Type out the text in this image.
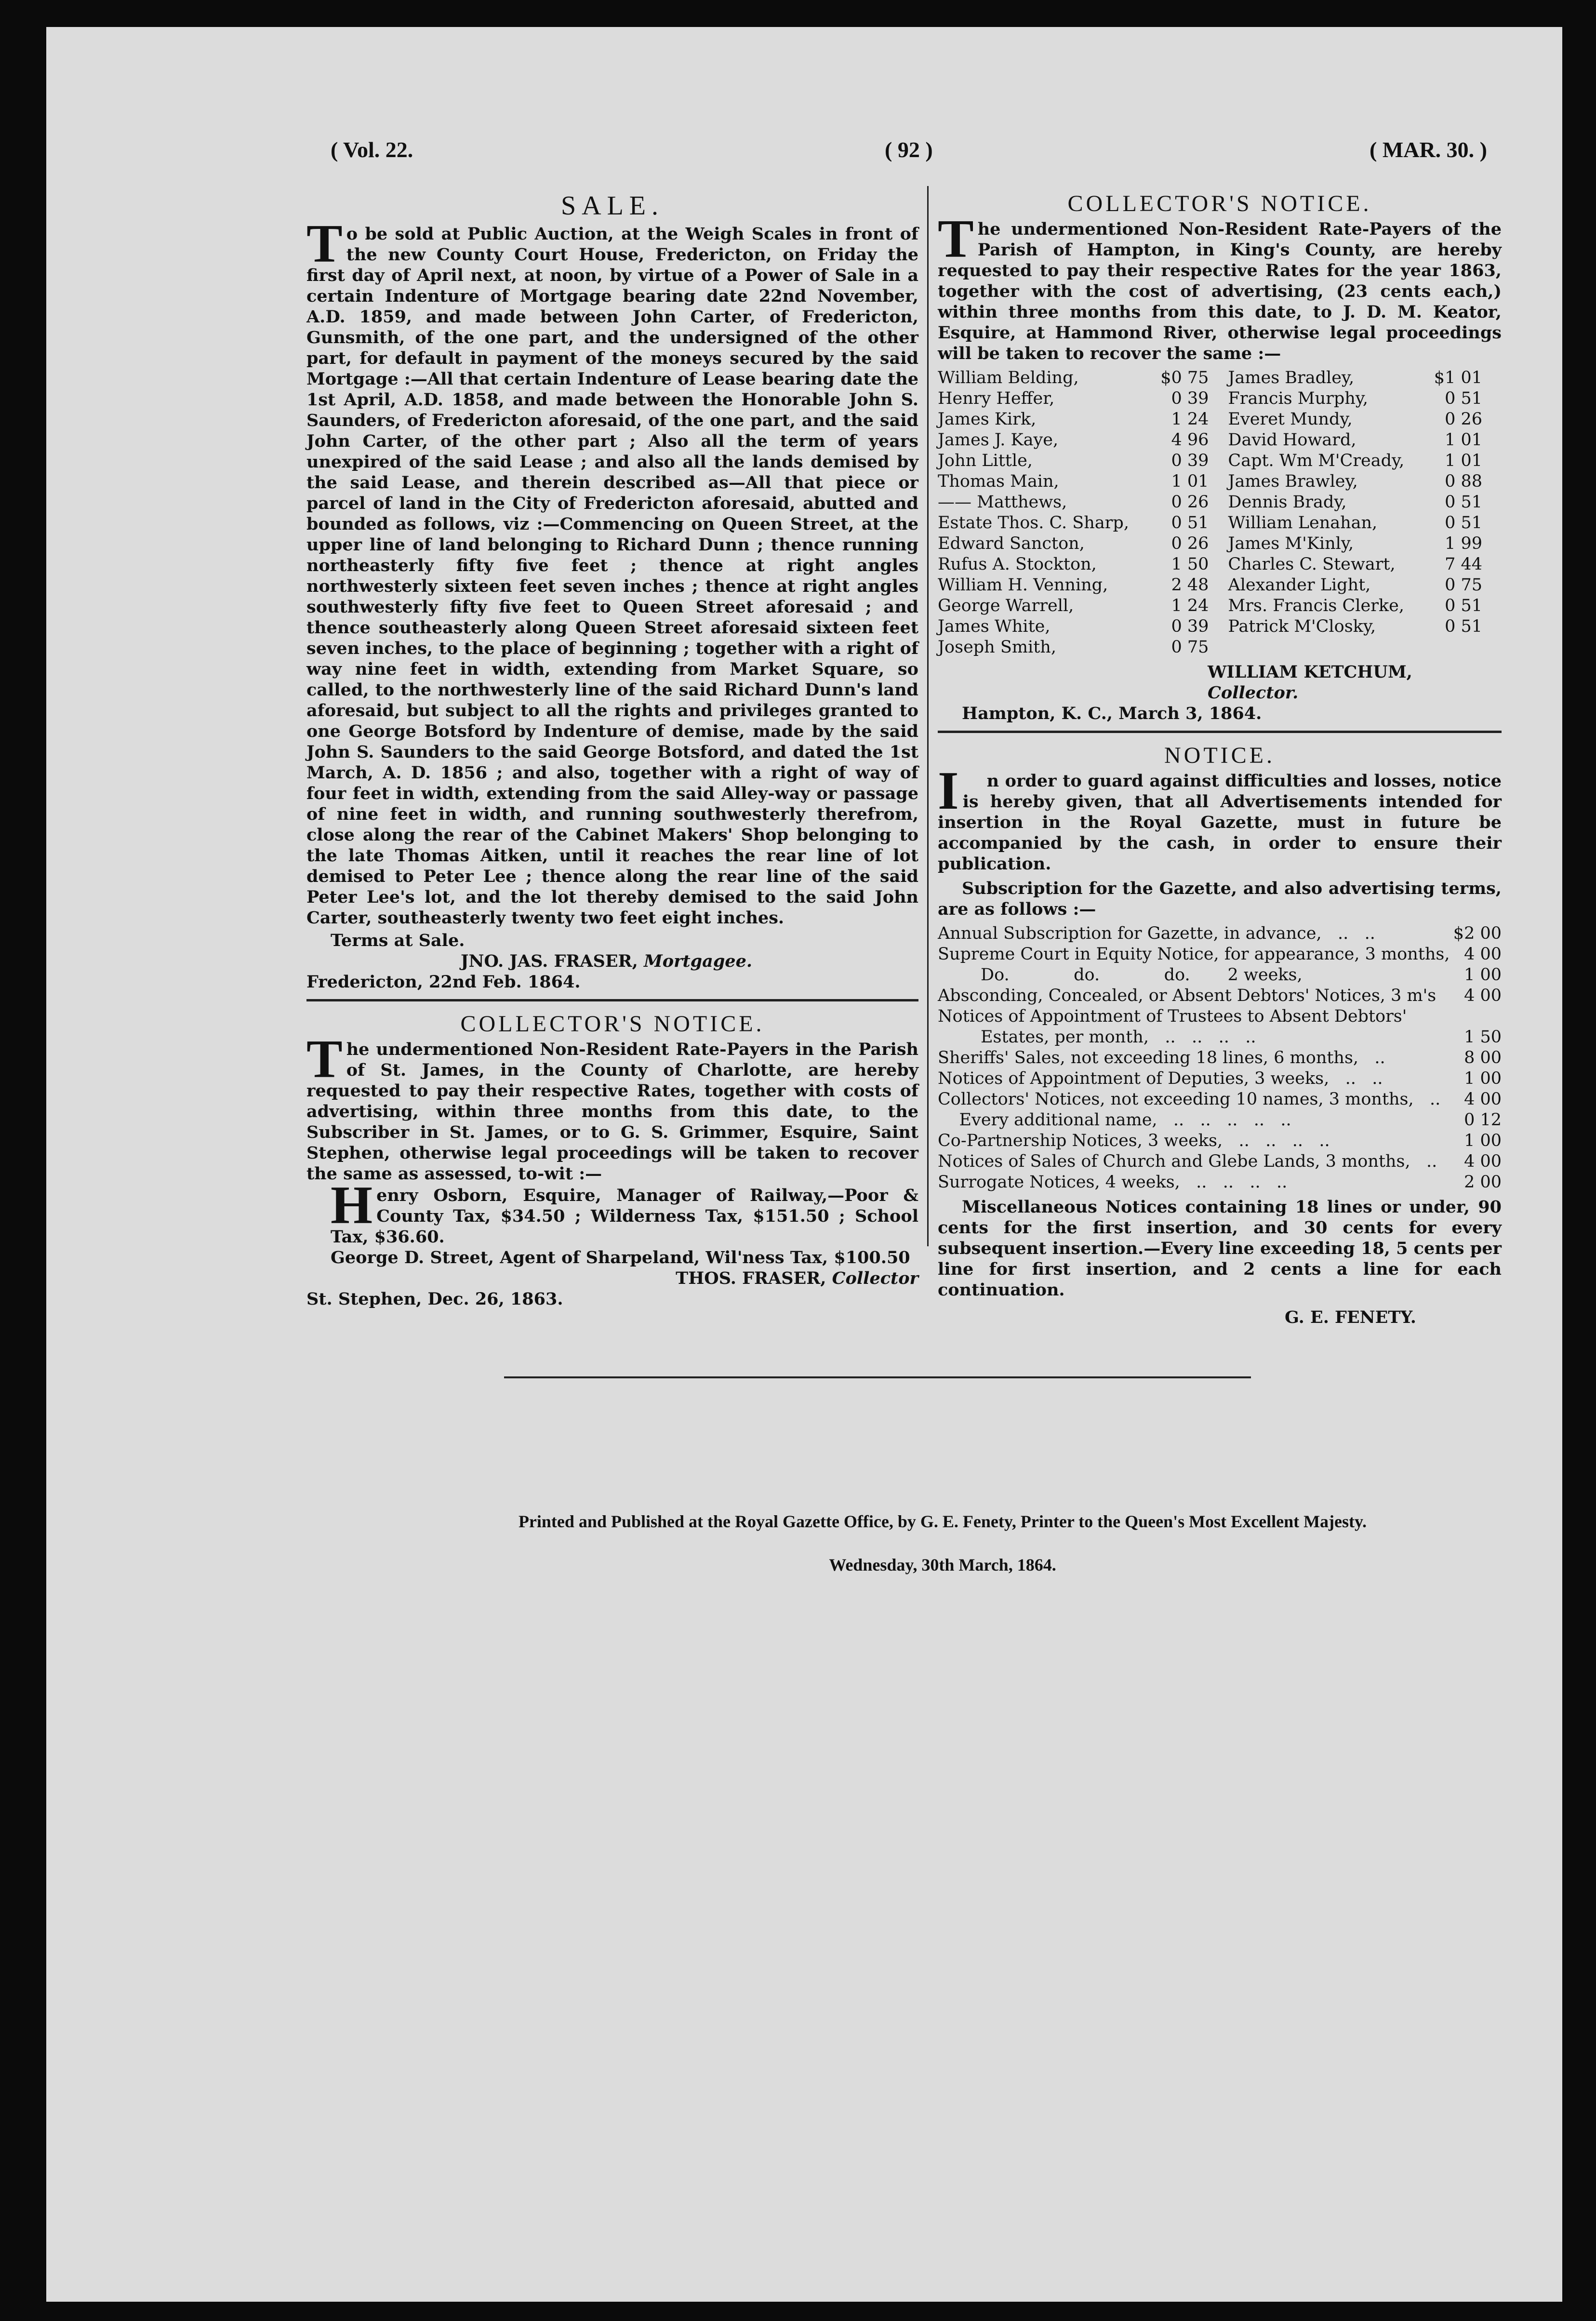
( Vol. 22.	( 92 )	( MAR. 30. )
SALE.
To be sold at Public Auction, at the Weigh Scales in front of the new County Court House, Fredericton, on Friday the first day of April next, at noon, by virtue of a Power of Sale in a certain Indenture of Mortgage bearing date 22nd November, A.D. 1859, and made between John Carter, of Fredericton, Gunsmith, of the one part, and the undersigned of the other part, for default in payment of the moneys secured by the said Mortgage :—All that certain Indenture of Lease bearing date the 1st April, A.D. 1858, and made between the Honorable John S. Saunders, of Fredericton aforesaid, of the one part, and the said John Carter, of the other part ; Also all the term of years unexpired of the said Lease ; and also all the lands demised by the said Lease, and therein described as—All that piece or parcel of land in the City of Fredericton aforesaid, abutted and bounded as follows, viz :—Commencing on Queen Street, at the upper line of land belonging to Richard Dunn ; thence running northeasterly fifty five feet ; thence at right angles northwesterly sixteen feet seven inches ; thence at right angles southwesterly fifty five feet to Queen Street aforesaid ; and thence southeasterly along Queen Street aforesaid sixteen feet seven inches, to the place of beginning ; together with a right of way nine feet in width, extending from Market Square, so called, to the northwesterly line of the said Richard Dunn's land aforesaid, but subject to all the rights and privileges granted to one George Botsford by Indenture of demise, made by the said John S. Saunders to the said George Botsford, and dated the 1st March, A. D. 1856 ; and also, together with a right of way of four feet in width, extending from the said Alley-way or passage of nine feet in width, and running southwesterly therefrom, close along the rear of the Cabinet Makers' Shop belonging to the late Thomas Aitken, until it reaches the rear line of lot demised to Peter Lee ; thence along the rear line of the said Peter Lee's lot, and the lot thereby demised to the said John Carter, southeasterly twenty two feet eight inches.
Terms at Sale.
JNO. JAS. FRASER, Mortgagee.
Fredericton, 22nd Feb. 1864.
COLLECTOR'S NOTICE.
The undermentioned Non-Resident Rate-Payers in the Parish of St. James, in the County of Charlotte, are hereby requested to pay their respective Rates, together with costs of advertising, within three months from this date, to the Subscriber in St. James, or to G. S. Grimmer, Esquire, Saint Stephen, otherwise legal proceedings will be taken to recover the same as assessed, to-wit :—
Henry Osborn, Esquire, Manager of Railway,—Poor & County Tax, $34.50 ; Wilderness Tax, $151.50 ; School Tax, $36.60.
George D. Street, Agent of Sharpeland, Wil'ness Tax, $100.50
THOS. FRASER, Collector
St. Stephen, Dec. 26, 1863.
COLLECTOR'S NOTICE.
The undermentioned Non-Resident Rate-Payers of the Parish of Hampton, in King's County, are hereby requested to pay their respective Rates for the year 1863, together with the cost of advertising, (23 cents each,) within three months from this date, to J. D. M. Keator, Esquire, at Hammond River, otherwise legal proceedings will be taken to recover the same :—
William Belding,	$0 75	James Bradley,	$1 01
Henry Heffer,	0 39	Francis Murphy,	0 51
James Kirk,	1 24	Everet Mundy,	0 26
James J. Kaye,	4 96	David Howard,	1 01
John Little,	0 39	Capt. Wm M'Cready,	1 01
Thomas Main,	1 01	James Brawley,	0 88
—— Matthews,	0 26	Dennis Brady,	0 51
Estate Thos. C. Sharp,	0 51	William Lenahan,	0 51
Edward Sancton,	0 26	James M'Kinly,	1 99
Rufus A. Stockton,	1 50	Charles C. Stewart,	7 44
William H. Venning,	2 48	Alexander Light,	0 75
George Warrell,	1 24	Mrs. Francis Clerke,	0 51
James White,	0 39	Patrick M'Closky,	0 51
Joseph Smith,	0 75		
WILLIAM KETCHUM, Collector.
Hampton, K. C., March 3, 1864.
NOTICE.
In order to guard against difficulties and losses, notice is hereby given, that all Advertisements intended for insertion in the Royal Gazette, must in future be accompanied by the cash, in order to ensure their publication.
Subscription for the Gazette, and also advertising terms, are as follows :—
Annual Subscription for Gazette, in advance,   ..   ..	$2 00
Supreme Court in Equity Notice, for appearance, 3 months,	4 00
Do.            do.            do.       2 weeks,	1 00
Absconding, Concealed, or Absent Debtors' Notices, 3 m's	4 00
Notices of Appointment of Trustees to Absent Debtors'	
Estates, per month,   ..   ..   ..   ..	1 50
Sheriffs' Sales, not exceeding 18 lines, 6 months,   ..	8 00
Notices of Appointment of Deputies, 3 weeks,   ..   ..	1 00
Collectors' Notices, not exceeding 10 names, 3 months,   ..	4 00
Every additional name,   ..   ..   ..   ..   ..	0 12
Co-Partnership Notices, 3 weeks,   ..   ..   ..   ..	1 00
Notices of Sales of Church and Glebe Lands, 3 months,   ..	4 00
Surrogate Notices, 4 weeks,   ..   ..   ..   ..	2 00
Miscellaneous Notices containing 18 lines or under, 90 cents for the first insertion, and 30 cents for every subsequent insertion.—Every line exceeding 18, 5 cents per line for first insertion, and 2 cents a line for each continuation.
G. E. FENETY.
Printed and Published at the Royal Gazette Office, by G. E. Fenety, Printer to the Queen's Most Excellent Majesty.
Wednesday, 30th March, 1864.
